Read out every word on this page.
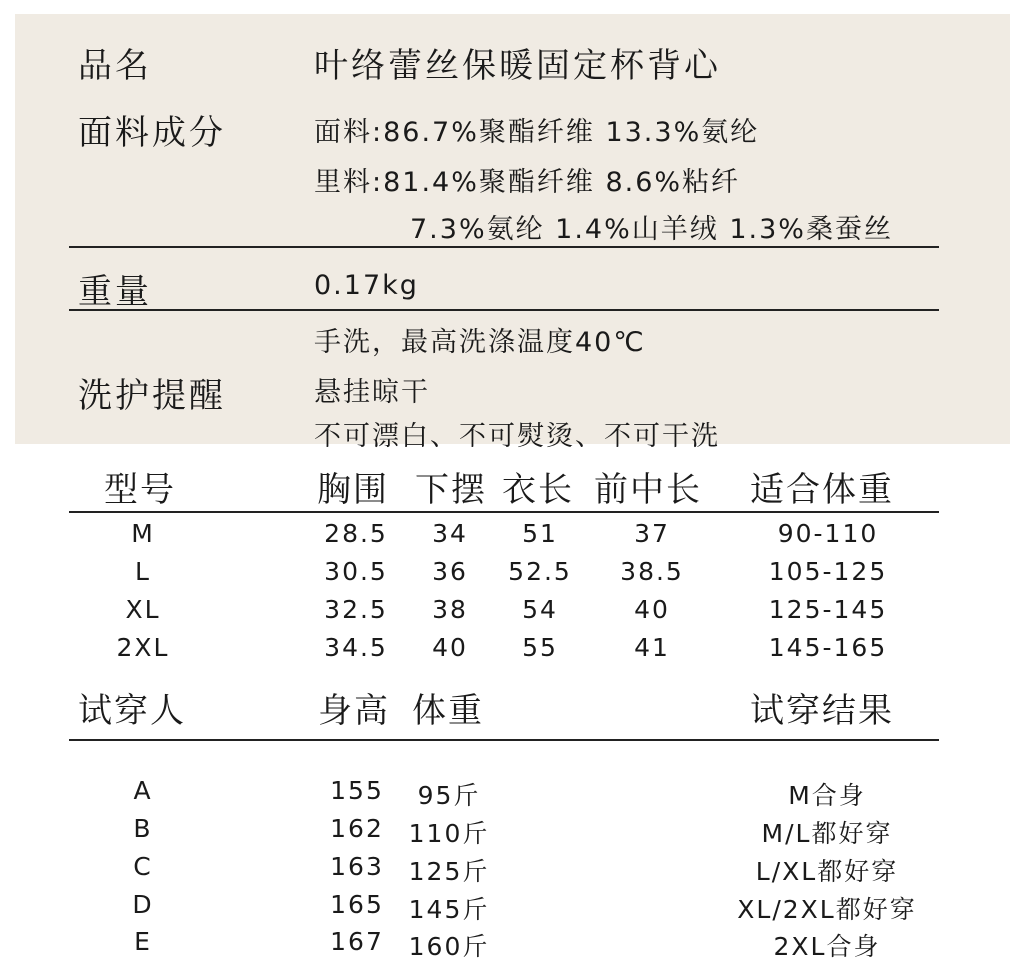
品名	叶络蕾丝保暖固定杯背心
面料成分	面料:86.7%聚酯纤维 13.3%氨纶
里料:81.4%聚酯纤维 8.6%粘纤
7.3%氨纶 1.4%山羊绒 1.3%桑蚕丝
重量	0.17kg
洗护提醒
手洗，最高洗涤温度40℃
悬挂晾干
不可漂白、不可熨烫、不可干洗
型号	胸围 下摆 衣长 前中长 适合体重
M	28.5 34 51	37	90-110
L	30.5 36 52.5 38.5	105-125
XL	32.5 38 54	40	125-145
2XL	34.5 40 55	41	145-165
试穿人	身高 体重	试穿结果
A	155 95斤	M合身
B	162 110斤	M/L都好穿
C	163 125斤	L/XL都好穿
D	165 145斤	XL/2XL都好穿
E	167 160斤	2XL合身
